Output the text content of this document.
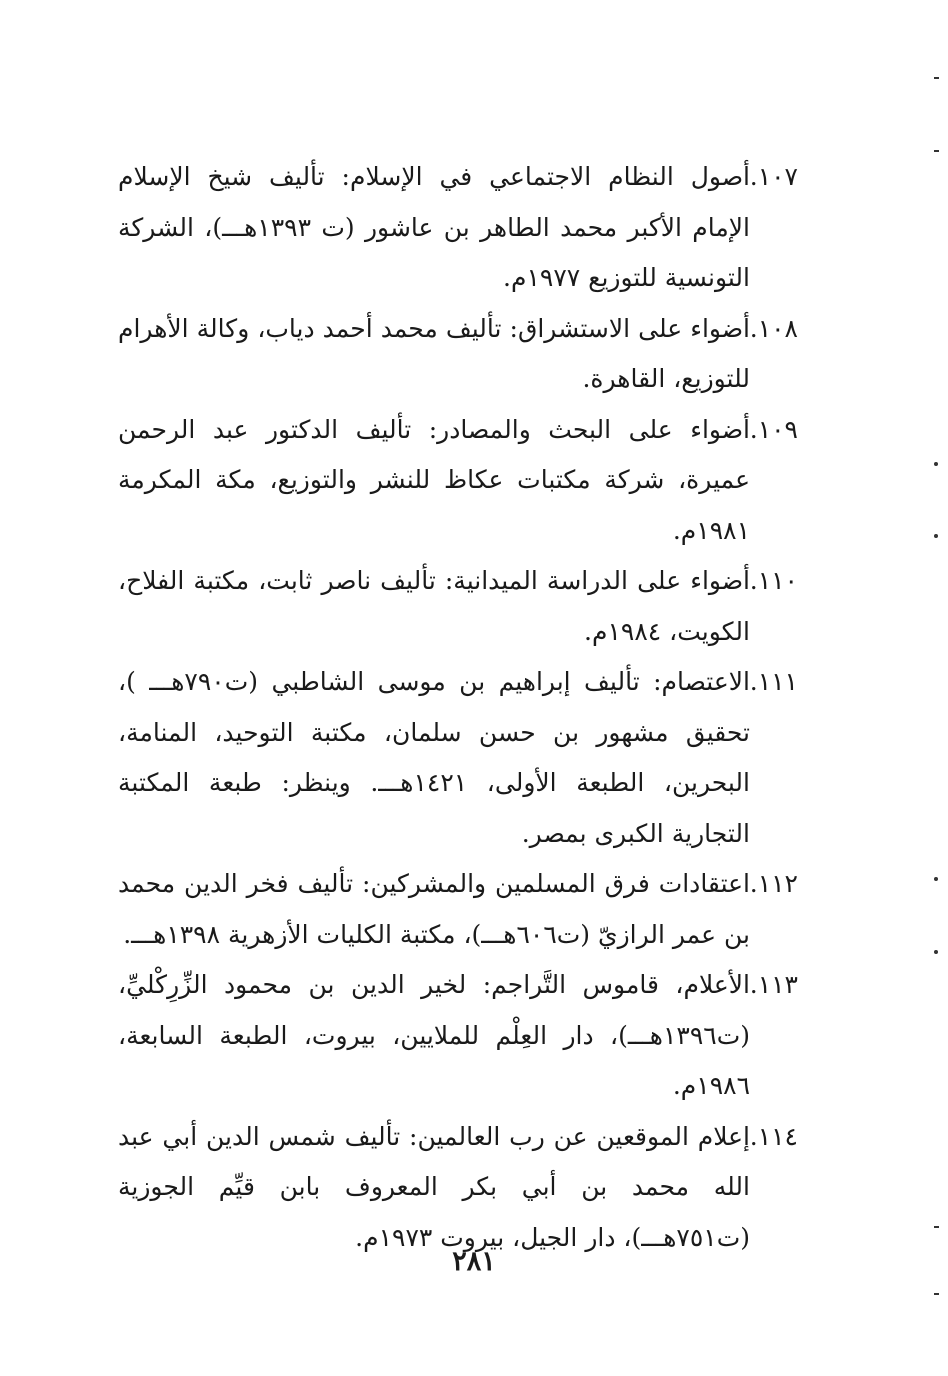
١٠٧.
أصول النظام الاجتماعي في الإسلام: تأليف شيخ الإسلام الإمام الأكبر محمد الطاهر بن عاشور (ت ١٣٩٣هـــ)، الشركة التونسية للتوزيع ١٩٧٧م.
١٠٨.
أضواء على الاستشراق: تأليف محمد أحمد دياب، وكالة الأهرام للتوزيع، القاهرة.
١٠٩.
أضواء على البحث والمصادر: تأليف الدكتور عبد الرحمن عميرة، شركة مكتبات عكاظ للنشر والتوزيع، مكة المكرمة ١٩٨١م.
١١٠.
أضواء على الدراسة الميدانية: تأليف ناصر ثابت، مكتبة الفلاح، الكويت، ١٩٨٤م.
١١١.
الاعتصام: تأليف إبراهيم بن موسى الشاطبي (ت٧٩٠هـــ )، تحقيق مشهور بن حسن سلمان، مكتبة التوحيد، المنامة، البحرين، الطبعة الأولى، ١٤٢١هـــ. وينظر: طبعة المكتبة التجارية الكبرى بمصر.
١١٢.
اعتقادات فرق المسلمين والمشركين: تأليف فخر الدين محمد بن عمر الرازيّ (ت٦٠٦هـــ)، مكتبة الكليات الأزهرية ١٣٩٨هـــ.
١١٣.
الأعلام، قاموس التَّراجم: لخير الدين بن محمود الزِّرِكْليِّ، (ت١٣٩٦هـــ)، دار العِلْم للملايين، بيروت، الطبعة السابعة، ١٩٨٦م.
١١٤.
إعلام الموقعين عن رب العالمين: تأليف شمس الدين أبي عبد الله محمد بن أبي بكر المعروف بابن قيِّم الجوزية (ت٧٥١هـــ)، دار الجيل، بيروت ١٩٧٣م.
٢٨١
